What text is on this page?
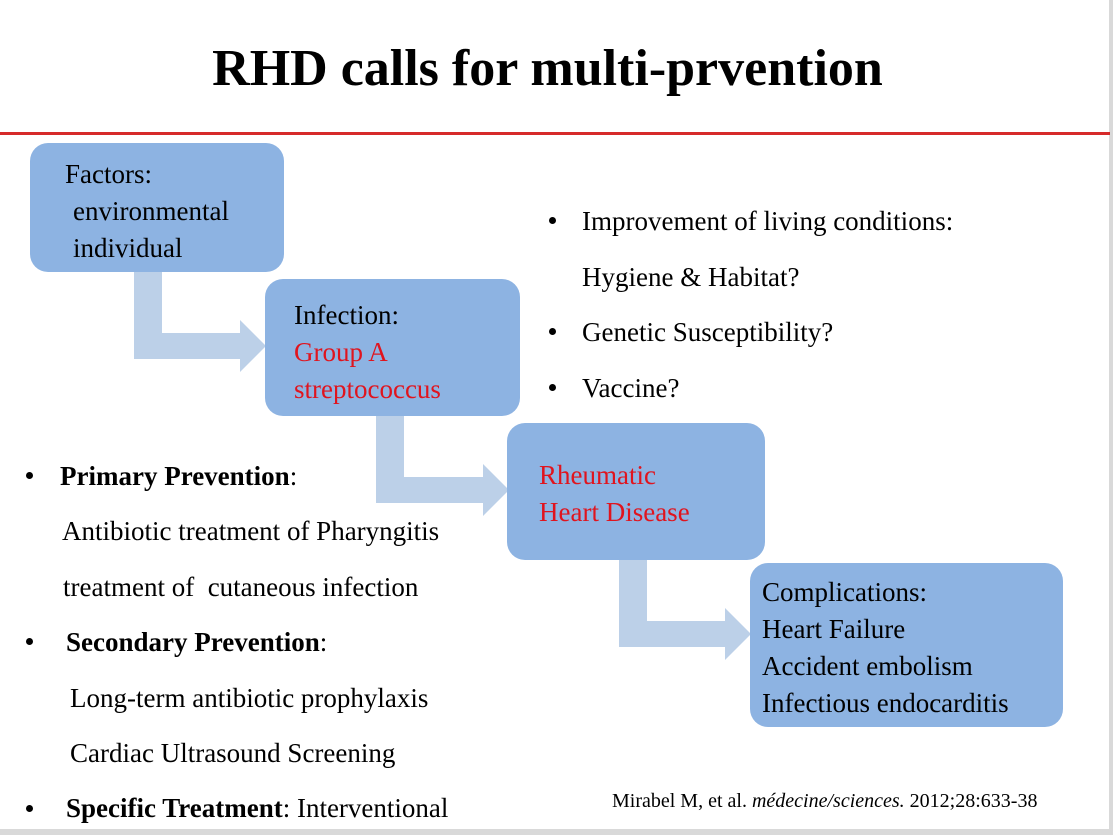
RHD calls for multi-prvention
Factors:
environmental
individual
Infection:
Group A
streptococcus
Rheumatic
Heart Disease
Complications:
Heart Failure
Accident embolism
Infectious endocarditis
Improvement of living conditions:
Hygiene & Habitat?
Genetic Susceptibility?
Vaccine?
Primary Prevention:
Antibiotic treatment of Pharyngitis
treatment of  cutaneous infection
Secondary Prevention:
Long-term antibiotic prophylaxis
Cardiac Ultrasound Screening
Specific Treatment: Interventional	Mirabel M, et al. médecine/sciences. 2012;28:633-38
